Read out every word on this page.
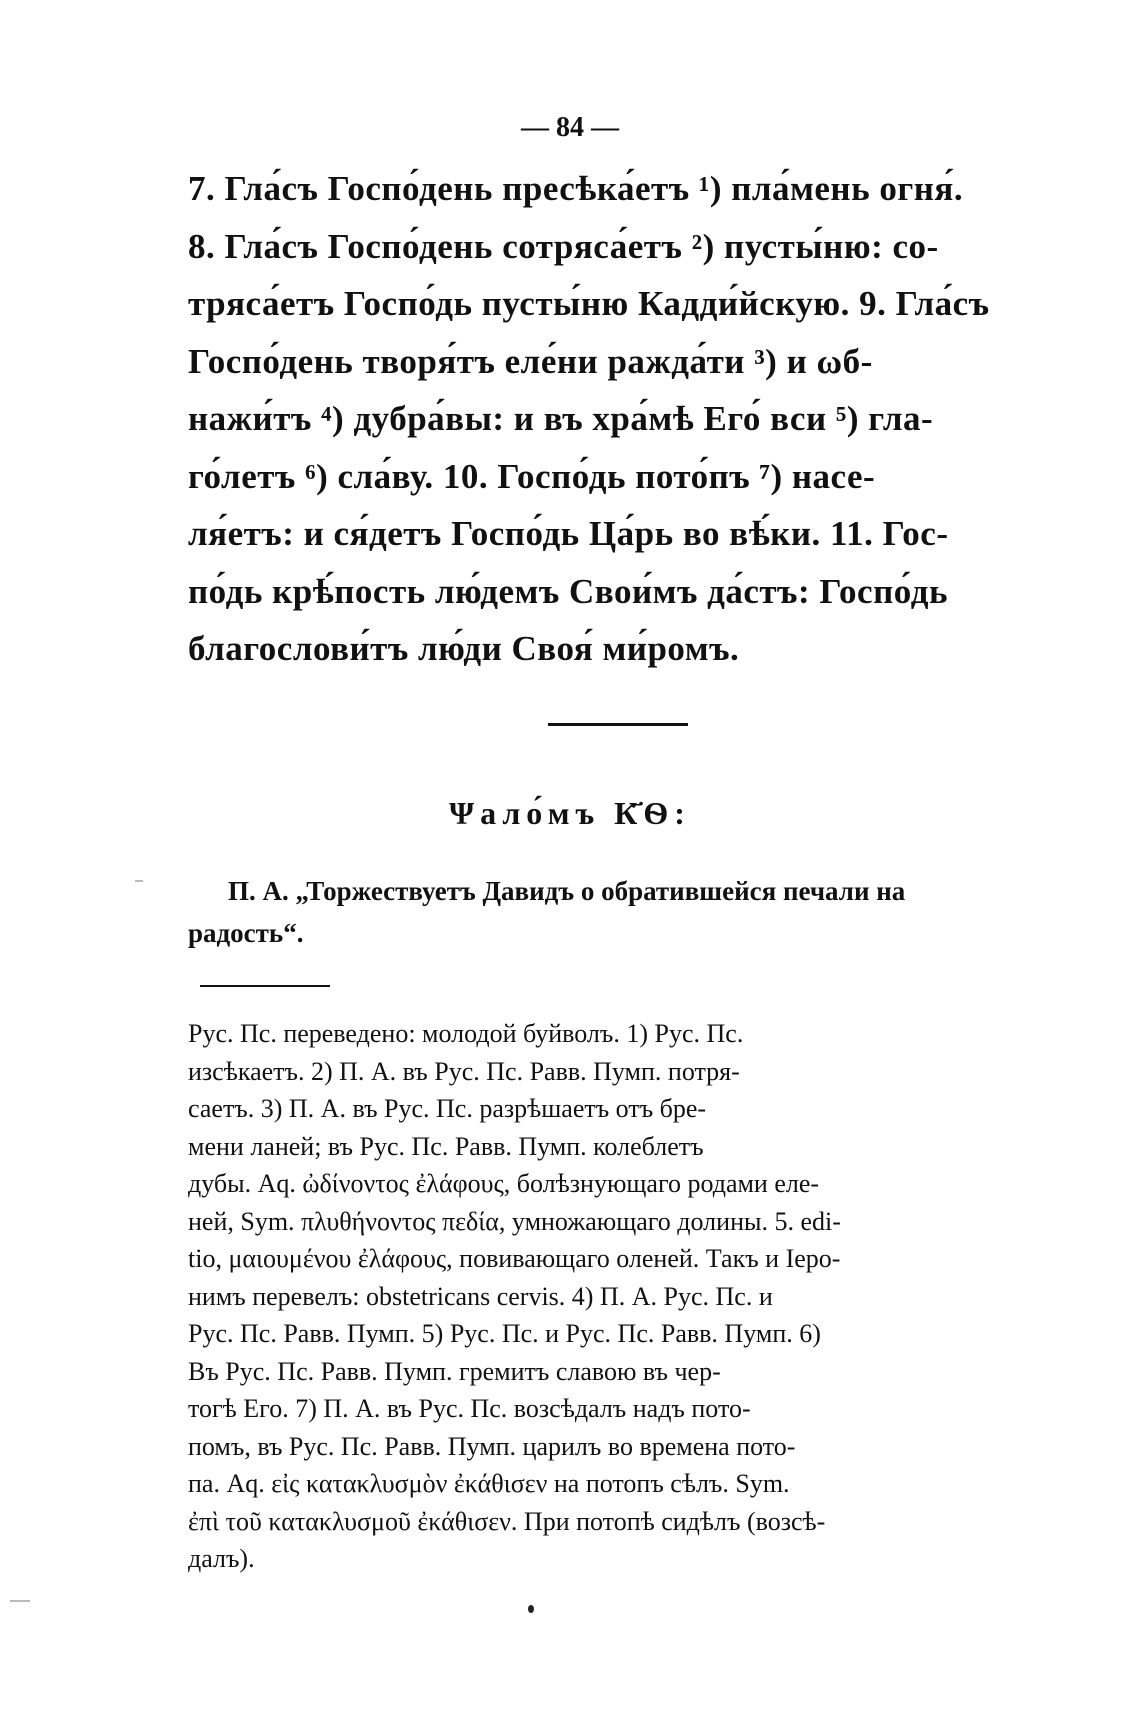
— 84 —
7. Гла́съ Госпо́день пресѣка́етъ ¹) пла́мень огня́.
8. Гла́съ Госпо́день сотряса́етъ ²) пусты́ню: со-
тряса́етъ Госпо́дь пусты́ню Кадди́йскую. 9. Гла́съ
Госпо́день творя́тъ еле́ни ражда́ти ³) и ωб-
нажи́тъ ⁴) дубра́вы: и въ хра́мѣ Его́ вси ⁵) гла-
го́летъ ⁶) сла́ву. 10. Госпо́дь пото́пъ ⁷) насе-
ля́етъ: и ся́детъ Госпо́дь Ца́рь во вѣ́ки. 11. Гос-
по́дь крѣ́пость лю́демъ Свои́мъ да́стъ: Госпо́дь
благослови́тъ лю́ди Своя́ ми́ромъ.
Ψало́мъ К҃Ѳ:
П. А. „Торжествуетъ Давидъ о обратившейся печали на
радость“.
Рус. Пс. переведено: молодой буйволъ. 1) Рус. Пс.
изсѣкаетъ. 2) П. А. въ Рус. Пс. Равв. Пумп. потря-
саетъ. 3) П. А. въ Рус. Пс. разрѣшаетъ отъ бре-
мени ланей; въ Рус. Пс. Равв. Пумп. колеблетъ
дубы. Aq. ὠδίνοντος ἐλάφους, болѣзнующаго родами еле-
ней, Sym. πλυθήνοντος πεδία, умножающаго долины. 5. edi-
tio, μαιουμένου ἐλάφους, повивающаго оленей. Такъ и Іеро-
нимъ перевелъ: obstetricans cervis. 4) П. А. Рус. Пс. и
Рус. Пс. Равв. Пумп. 5) Рус. Пс. и Рус. Пс. Равв. Пумп. 6)
Въ Рус. Пс. Равв. Пумп. гремитъ славою въ чер-
тогѣ Его. 7) П. А. въ Рус. Пс. возсѣдалъ надъ пото-
помъ, въ Рус. Пс. Равв. Пумп. царилъ во времена пото-
па. Aq. εἰς κατακλυσμὸν ἐκάθισεν на потопъ сѣлъ. Sym.
ἐπὶ τοῦ κατακλυσμοῦ ἐκάθισεν. При потопѣ сидѣлъ (возсѣ-
далъ).
